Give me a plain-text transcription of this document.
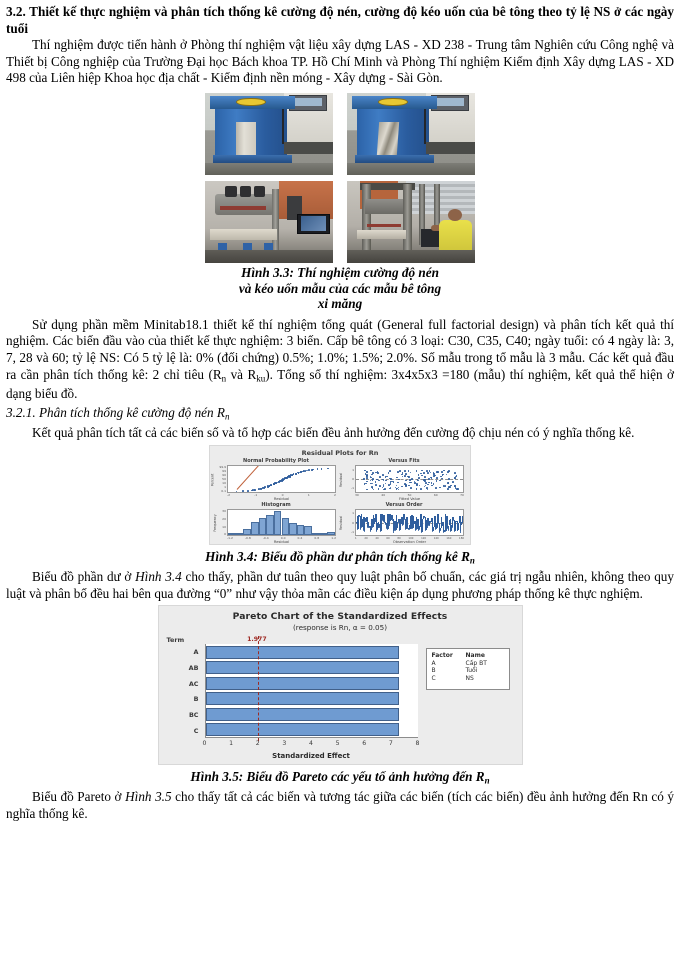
3.2. Thiết kế thực nghiệm và phân tích thống kê cường độ nén, cường độ kéo uốn của bê tông theo tỷ lệ NS ở các ngày tuổi
Thí nghiệm được tiến hành ở Phòng thí nghiệm vật liệu xây dựng LAS - XD 238 - Trung tâm Nghiên cứu Công nghệ và Thiết bị Công nghiệp của Trường Đại học Bách khoa TP. Hồ Chí Minh và Phòng Thí nghiệm Kiểm định Xây dựng LAS - XD 498 của Liên hiệp Khoa học địa chất - Kiểm định nền móng - Xây dựng - Sài Gòn.
Hình 3.3: Thí nghiệm cường độ nén
và kéo uốn mẫu của các mẫu bê tông
xi măng
Sử dụng phần mềm Minitab18.1 thiết kế thí nghiệm tổng quát (General full factorial design) và phân tích kết quả thí nghiệm. Các biến đầu vào của thiết kế thực nghiệm: 3 biến. Cấp bê tông có 3 loại: C30, C35, C40; ngày tuổi: có 4 ngày là: 3, 7, 28 và 60; tỷ lệ NS: Có 5 tỷ lệ là: 0% (đối chứng) 0.5%; 1.0%; 1.5%; 2.0%. Số mẫu trong tổ mẫu là 3 mẫu. Các kết quả đầu ra cần phân tích thống kê: 2 chỉ tiêu ($R_n$ và $R_{ku}$). Tổng số thí nghiệm: 3x4x5x3 =180 (mẫu) thí nghiệm, kết quả thể hiện ở dạng biểu đồ.
3.2.1. Phân tích thống kê cường độ nén $R_n$
Kết quả phân tích tất cả các biến số và tổ hợp các biến đều ảnh hưởng đến cường độ chịu nén có ý nghĩa thống kê.
Residual Plots for Rn
Normal Probability Plot
Percent
99.9
99
90
50
10
1
0.1
-2	-1	0	1	2
Residual
Versus Fits
Residual
1
0
-1
30	40	50	60	70
Fitted Value
Histogram
Frequency
30
20
10
0
-1.2	-0.8	-0.4	0.0	0.4	0.8	1.2
Residual
Versus Order
Residual
1
0
-1
1	20	40	60	80	100	120	140	160	180
Observation Order
Hình 3.4: Biểu đồ phần dư phân tích thống kê $R_n$
Biểu đồ phần dư ở Hình 3.4 cho thấy, phần dư tuân theo quy luật phân bố chuẩn, các giá trị ngẫu nhiên, không theo quy luật và phân bố đều hai bên qua đường “0” như vậy thỏa mãn các điều kiện áp dụng phương pháp thống kê thực nghiệm.
Pareto Chart of the Standardized Effects
(response is Rn, α = 0.05)
Term
A
AB
AC
B
BC
C
0	1	2	3	4	5	6	7	8
Standardized Effect
Factor	Name
A	Cấp BT
B	Tuổi
C	NS
1.977
Hình 3.5: Biểu đồ Pareto các yếu tố ảnh hưởng đến $R_n$
Biểu đồ Pareto ở Hình 3.5 cho thấy tất cả các biến và tương tác giữa các biến (tích các biến) đều ảnh hưởng đến Rn có ý nghĩa thống kê.
